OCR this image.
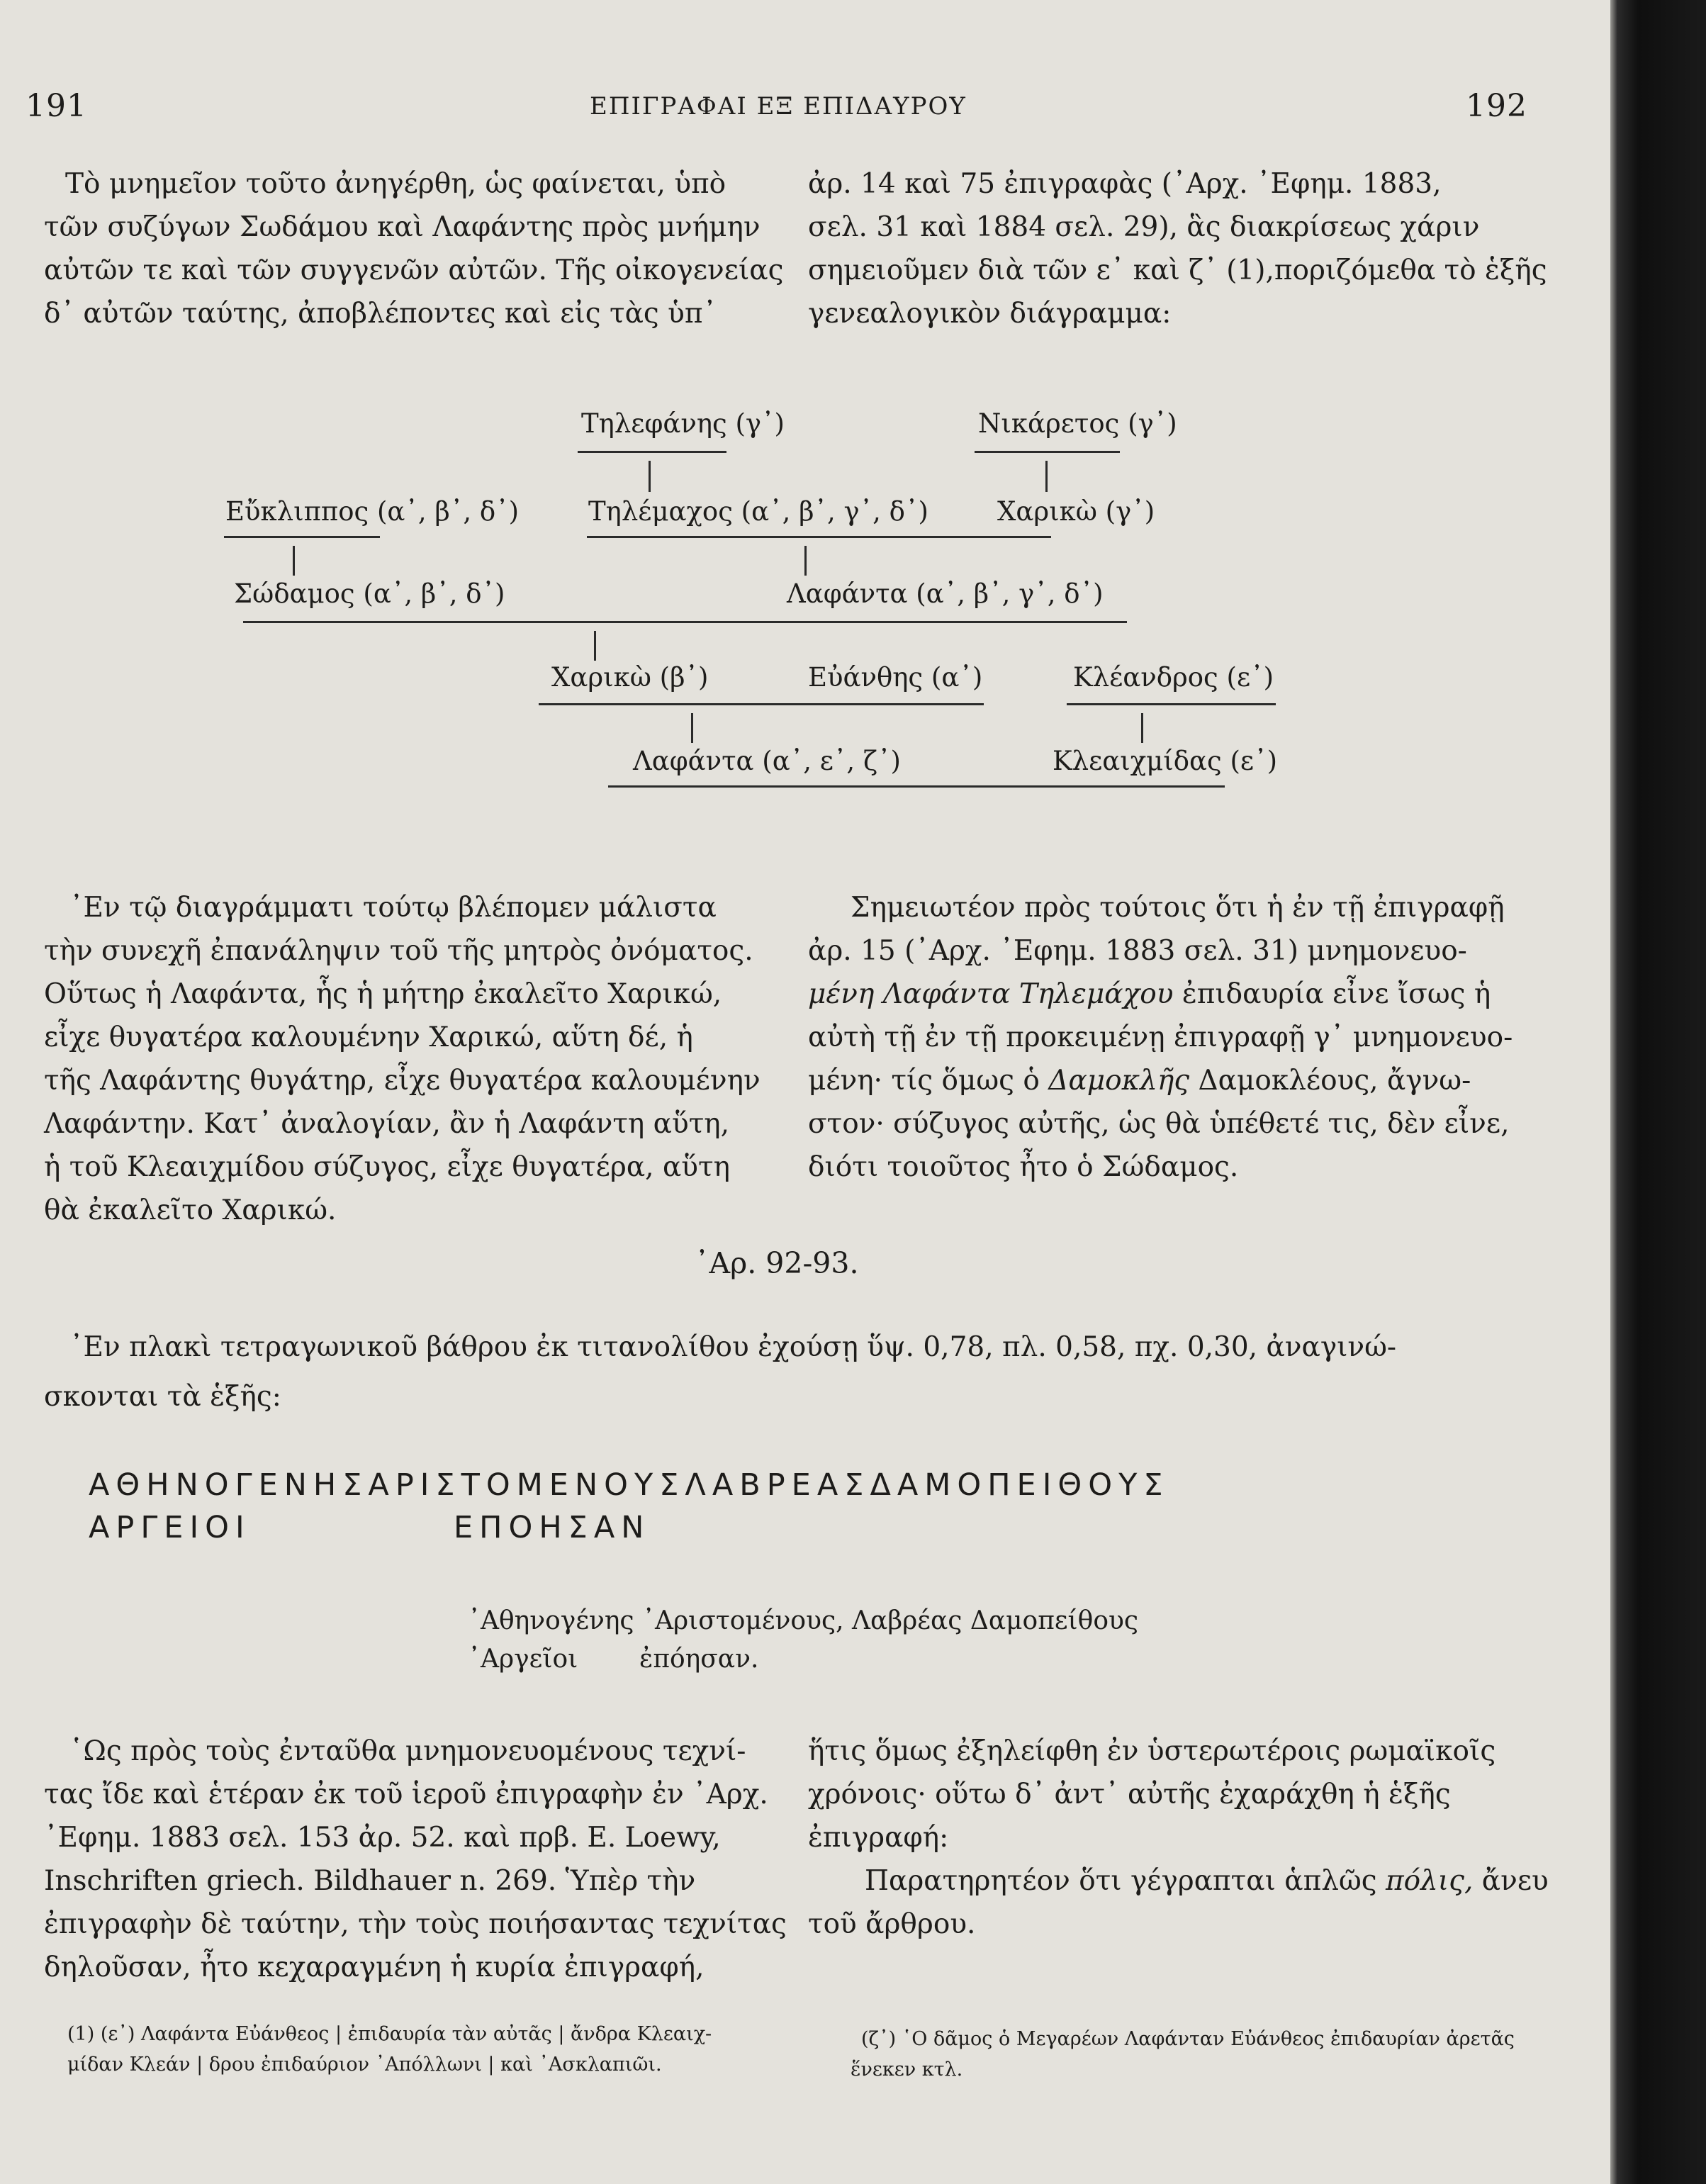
191	ΕΠΙΓΡΑΦΑΙ ΕΞ ΕΠΙΔΑΥΡΟΥ	192
Τὸ μνημεῖον τοῦτο ἀνηγέρθη, ὡς φαίνεται, ὑπὸ
τῶν συζύγων Σωδάμου καὶ Λαφάντης πρὸς μνήμην
αὐτῶν τε καὶ τῶν συγγενῶν αὐτῶν. Τῆς οἰκογενείας
δ᾽ αὐτῶν ταύτης, ἀποβλέποντες καὶ εἰς τὰς ὑπ᾽
ἀρ. 14 καὶ 75 ἐπιγραφὰς (᾽Αρχ. ᾽Εφημ. 1883,
σελ. 31 καὶ 1884 σελ. 29), ἃς διακρίσεως χάριν
σημειοῦμεν διὰ τῶν ε᾽ καὶ ζ᾽ (1),ποριζόμεθα τὸ ἑξῆς
γενεαλογικὸν διάγραμμα:
Τηλεφάνης (γ᾽)	Νικάρετος (γ᾽)
Εὔκλιππος (α᾽, β᾽, δ᾽)	Τηλέμαχος (α᾽, β᾽, γ᾽, δ᾽)	Χαρικὼ (γ᾽)
Σώδαμος (α᾽, β᾽, δ᾽)	Λαφάντα (α᾽, β᾽, γ᾽, δ᾽)
Χαρικὼ (β᾽)	Εὐάνθης (α᾽)	Κλέανδρος (ε᾽)
Λαφάντα (α᾽, ε᾽, ζ᾽)	Κλεαιχμίδας (ε᾽)
᾽Εν τῷ διαγράμματι τούτῳ βλέπομεν μάλιστα
τὴν συνεχῆ ἐπανάληψιν τοῦ τῆς μητρὸς ὀνόματος.
Οὕτως ἡ Λαφάντα, ἧς ἡ μήτηρ ἐκαλεῖτο Χαρικώ,
εἶχε θυγατέρα καλουμένην Χαρικώ, αὕτη δέ, ἡ
τῆς Λαφάντης θυγάτηρ, εἶχε θυγατέρα καλουμένην
Λαφάντην. Κατ᾽ ἀναλογίαν, ἂν ἡ Λαφάντη αὕτη,
ἡ τοῦ Κλεαιχμίδου σύζυγος, εἶχε θυγατέρα, αὕτη
θὰ ἐκαλεῖτο Χαρικώ.
Σημειωτέον πρὸς τούτοις ὅτι ἡ ἐν τῇ ἐπιγραφῇ
ἀρ. 15 (᾽Αρχ. ᾽Εφημ. 1883 σελ. 31) μνημονευο-
μένη Λαφάντα Τηλεμάχου ἐπιδαυρία εἶνε ἴσως ἡ
αὐτὴ τῇ ἐν τῇ προκειμένῃ ἐπιγραφῇ γ᾽ μνημονευο-
μένη· τίς ὅμως ὁ Δαμοκλῆς Δαμοκλέους, ἄγνω-
στον· σύζυγος αὐτῆς, ὡς θὰ ὑπέθετέ τις, δὲν εἶνε,
διότι τοιοῦτος ἦτο ὁ Σώδαμος.
᾽Αρ. 92-93.
᾽Εν πλακὶ τετραγωνικοῦ βάθρου ἐκ τιτανολίθου ἐχούσῃ ὕψ. 0,78, πλ. 0,58, πχ. 0,30, ἀναγινώ-
σκονται τὰ ἑξῆς:
ΑΘΗΝΟΓΕΝΗΣΑΡΙΣΤΟΜΕΝΟΥΣΛΑΒΡΕΑΣΔΑΜΟΠΕΙΘΟΥΣ
ΑΡΓΕΙΟΙ	ΕΠΟΗΣΑΝ
᾽Αθηνογένης ᾽Αριστομένους, Λαβρέας Δαμοπείθους
᾽Αργεῖοι ἐπόησαν.
῾Ως πρὸς τοὺς ἐνταῦθα μνημονευομένους τεχνί-
τας ἴδε καὶ ἑτέραν ἐκ τοῦ ἱεροῦ ἐπιγραφὴν ἐν ᾽Αρχ.
᾽Εφημ. 1883 σελ. 153 ἀρ. 52. καὶ πρβ. E. Loewy,
Inschriften griech. Bildhauer n. 269. Ὑπὲρ τὴν
ἐπιγραφὴν δὲ ταύτην, τὴν τοὺς ποιήσαντας τεχνίτας
δηλοῦσαν, ἦτο κεχαραγμένη ἡ κυρία ἐπιγραφή,
ἥτις ὅμως ἐξηλείφθη ἐν ὑστερωτέροις ρωμαϊκοῖς
χρόνοις· οὕτω δ᾽ ἀντ᾽ αὐτῆς ἐχαράχθη ἡ ἑξῆς
ἐπιγραφή:
Παρατηρητέον ὅτι γέγραπται ἁπλῶς πόλις, ἄνευ
τοῦ ἄρθρου.
(1) (ε᾽) Λαφάντα Εὐάνθεος | ἐπιδαυρία τὰν αὐτᾶς | ἄνδρα Κλεαιχ-
μίδαν Κλεάν | δρου ἐπιδαύριον ᾽Απόλλωνι | καὶ ᾽Ασκλαπιῶι.
(ζ᾽) ῾Ο δᾶμος ὁ Μεγαρέων Λαφάνταν Εὐάνθεος ἐπιδαυρίαν ἀρετᾶς
ἕνεκεν κτλ.
